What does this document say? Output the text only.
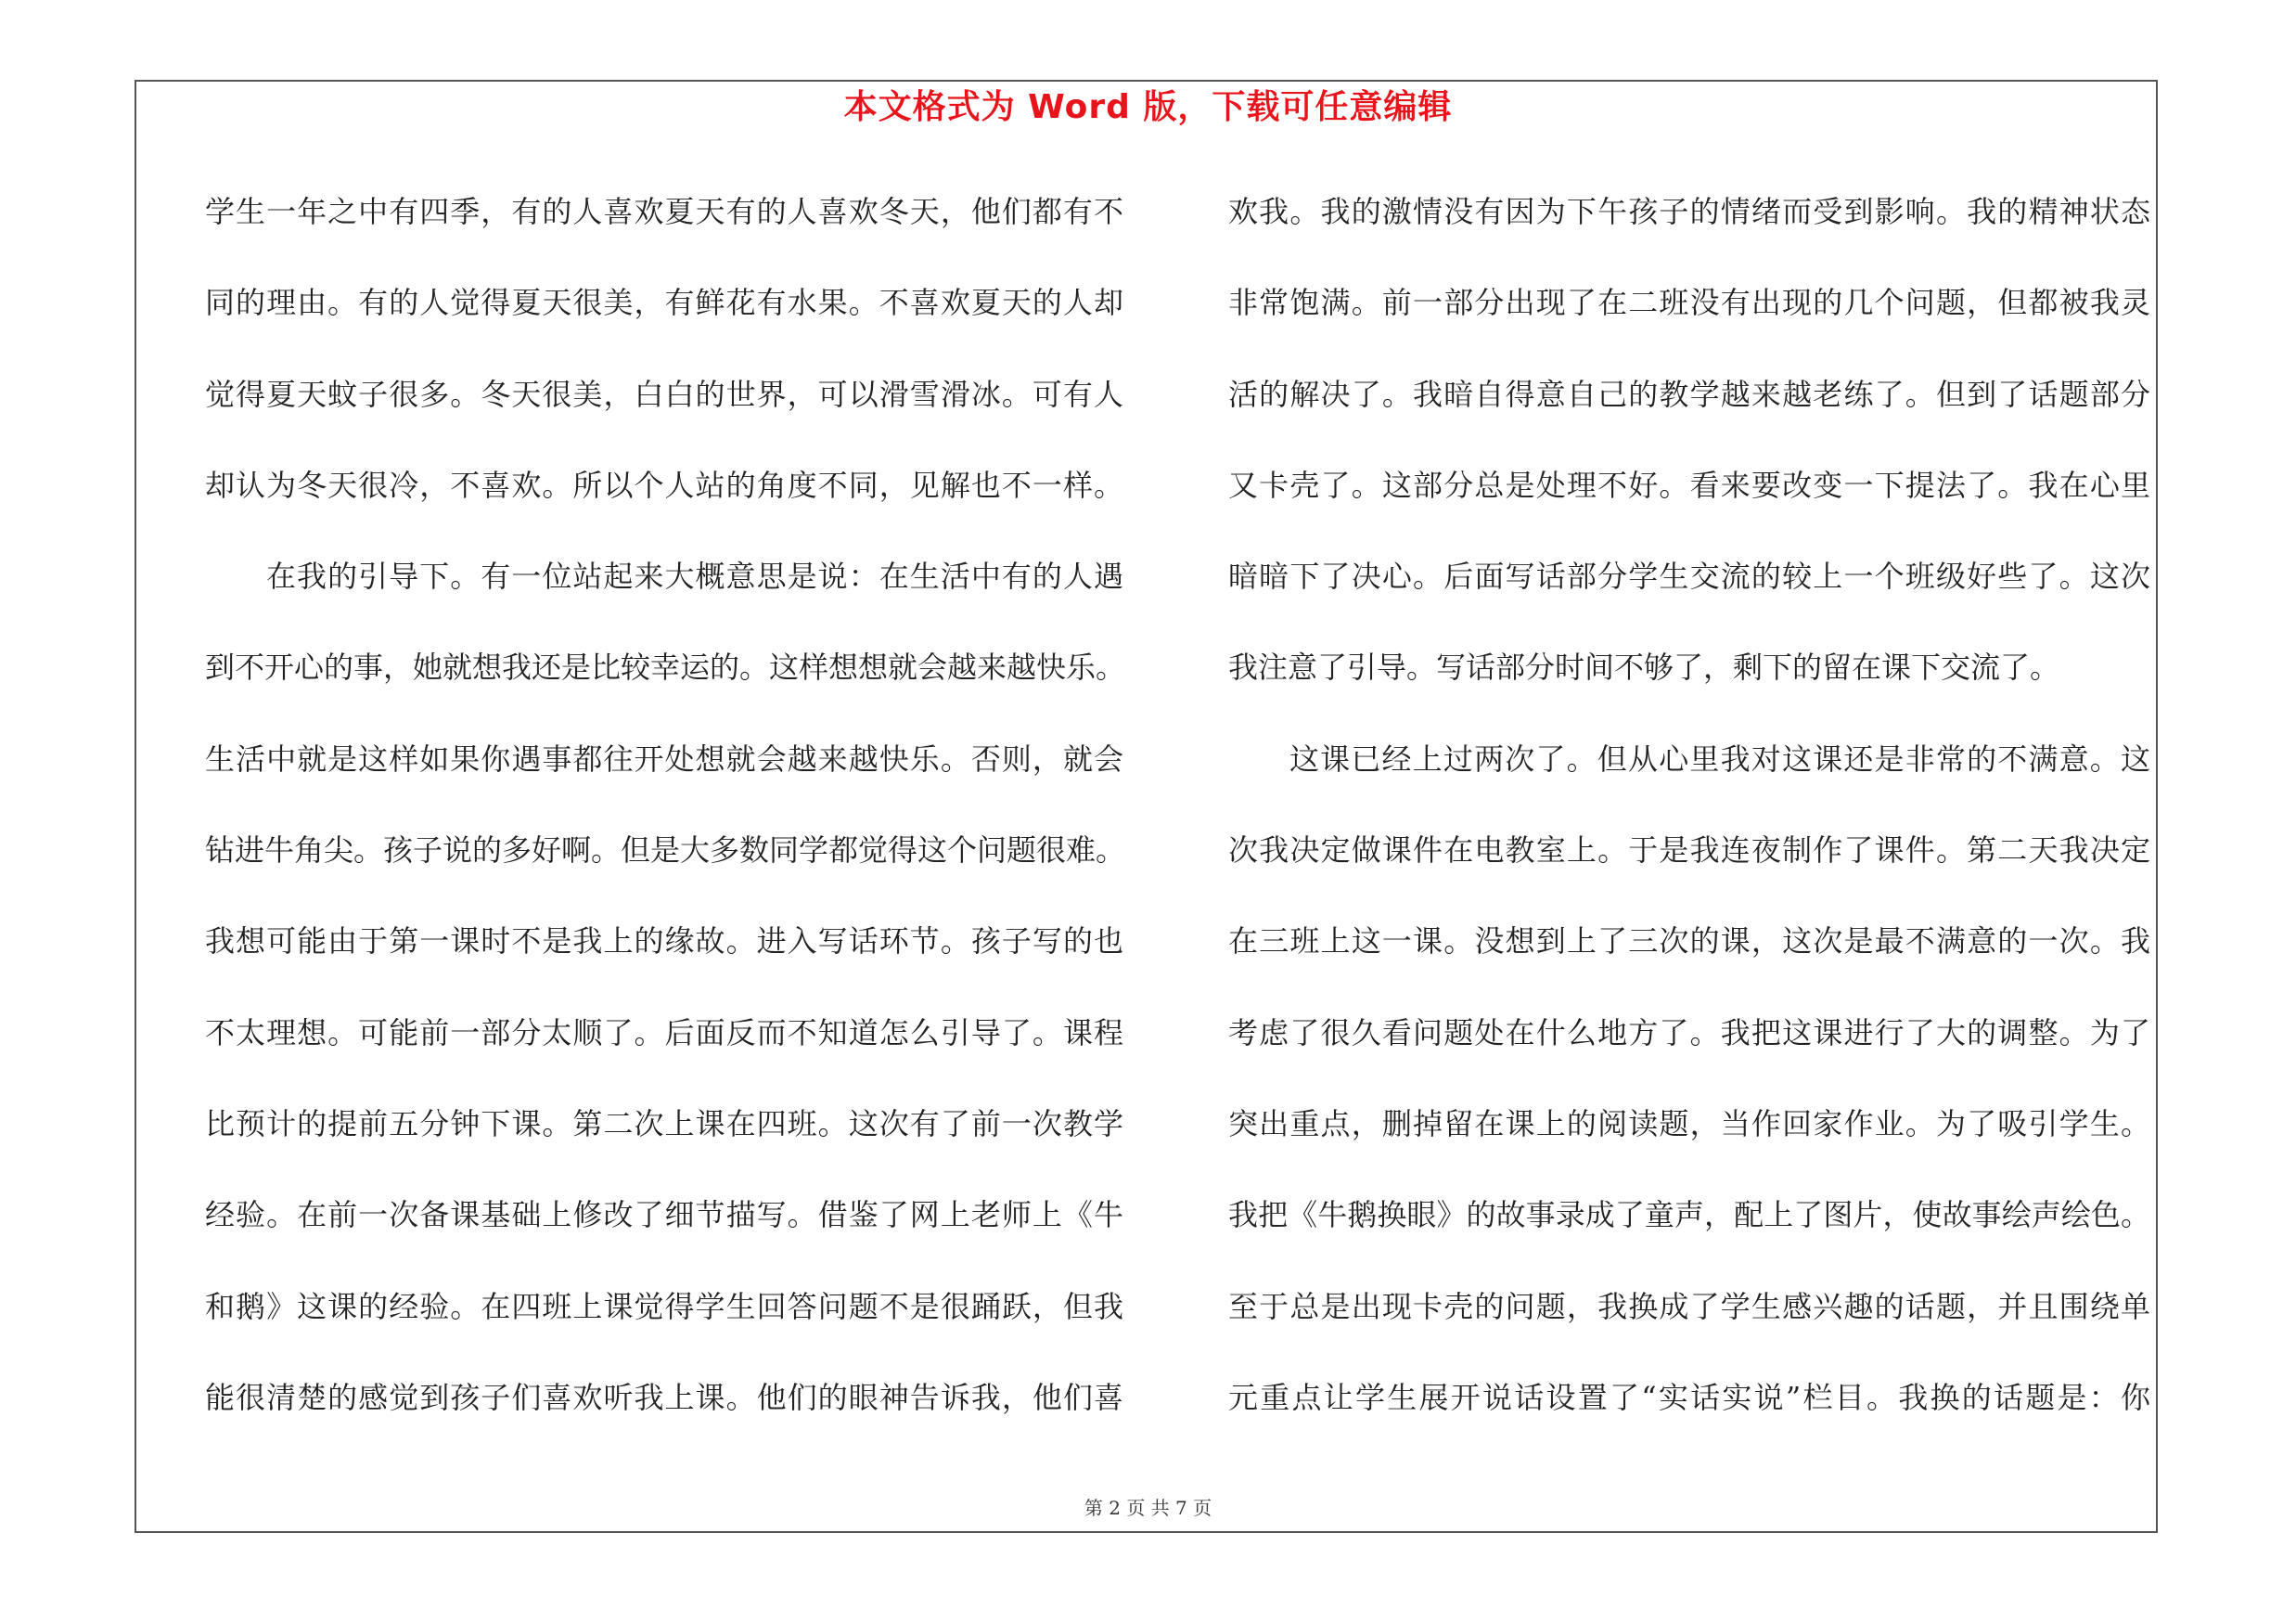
本文格式为 Word 版，下载可任意编辑
学生一年之中有四季，有的人喜欢夏天有的人喜欢冬天，他们都有不
同的理由。有的人觉得夏天很美，有鲜花有水果。不喜欢夏天的人却
觉得夏天蚊子很多。冬天很美，白白的世界，可以滑雪滑冰。可有人
却认为冬天很冷，不喜欢。所以个人站的角度不同，见解也不一样。
在我的引导下。有一位站起来大概意思是说：在生活中有的人遇
到不开心的事，她就想我还是比较幸运的。这样想想就会越来越快乐。
生活中就是这样如果你遇事都往开处想就会越来越快乐。否则，就会
钻进牛角尖。孩子说的多好啊。但是大多数同学都觉得这个问题很难。
我想可能由于第一课时不是我上的缘故。进入写话环节。孩子写的也
不太理想。可能前一部分太顺了。后面反而不知道怎么引导了。课程
比预计的提前五分钟下课。第二次上课在四班。这次有了前一次教学
经验。在前一次备课基础上修改了细节描写。借鉴了网上老师上《牛
和鹅》这课的经验。在四班上课觉得学生回答问题不是很踊跃，但我
能很清楚的感觉到孩子们喜欢听我上课。他们的眼神告诉我，他们喜
欢我。我的激情没有因为下午孩子的情绪而受到影响。我的精神状态
非常饱满。前一部分出现了在二班没有出现的几个问题，但都被我灵
活的解决了。我暗自得意自己的教学越来越老练了。但到了话题部分
又卡壳了。这部分总是处理不好。看来要改变一下提法了。我在心里
暗暗下了决心。后面写话部分学生交流的较上一个班级好些了。这次
我注意了引导。写话部分时间不够了，剩下的留在课下交流了。
这课已经上过两次了。但从心里我对这课还是非常的不满意。这
次我决定做课件在电教室上。于是我连夜制作了课件。第二天我决定
在三班上这一课。没想到上了三次的课，这次是最不满意的一次。我
考虑了很久看问题处在什么地方了。我把这课进行了大的调整。为了
突出重点，删掉留在课上的阅读题，当作回家作业。为了吸引学生。
我把《牛鹅换眼》的故事录成了童声，配上了图片，使故事绘声绘色。
至于总是出现卡壳的问题，我换成了学生感兴趣的话题，并且围绕单
元重点让学生展开说话设置了“实话实说”栏目。我换的话题是：你
第 2 页 共 7 页
